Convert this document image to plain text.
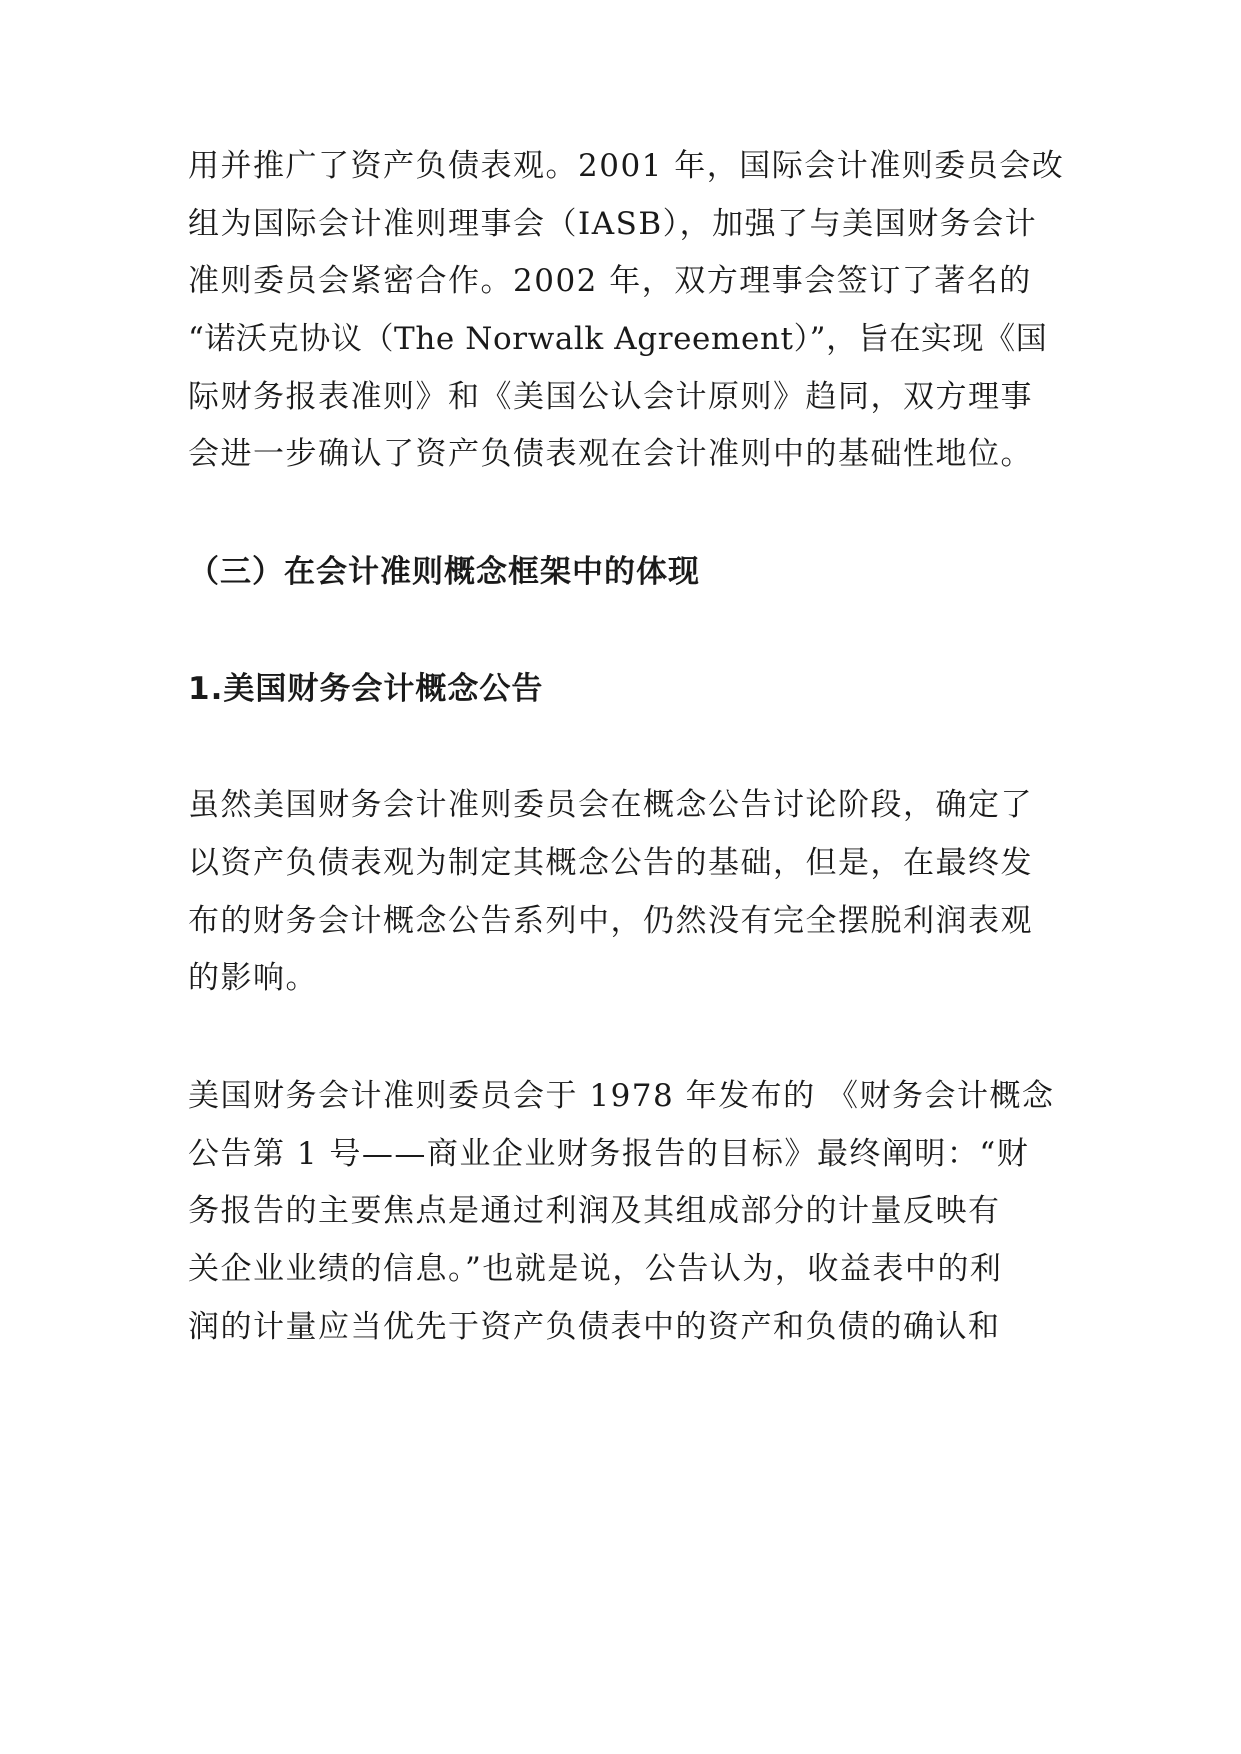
用并推广了资产负债表观。2001 年，国际会计准则委员会改
组为国际会计准则理事会（IASB），加强了与美国财务会计
准则委员会紧密合作。2002 年，双方理事会签订了著名的
“诺沃克协议（The Norwalk Agreement）”，旨在实现《国
际财务报表准则》和《美国公认会计原则》趋同，双方理事
会进一步确认了资产负债表观在会计准则中的基础性地位。
（三）在会计准则概念框架中的体现
1.美国财务会计概念公告
虽然美国财务会计准则委员会在概念公告讨论阶段，确定了
以资产负债表观为制定其概念公告的基础，但是，在最终发
布的财务会计概念公告系列中，仍然没有完全摆脱利润表观
的影响。
美国财务会计准则委员会于 1978 年发布的 《财务会计概念
公告第 1 号——商业企业财务报告的目标》最终阐明：“财
务报告的主要焦点是通过利润及其组成部分的计量反映有
关企业业绩的信息。”也就是说，公告认为，收益表中的利
润的计量应当优先于资产负债表中的资产和负债的确认和
